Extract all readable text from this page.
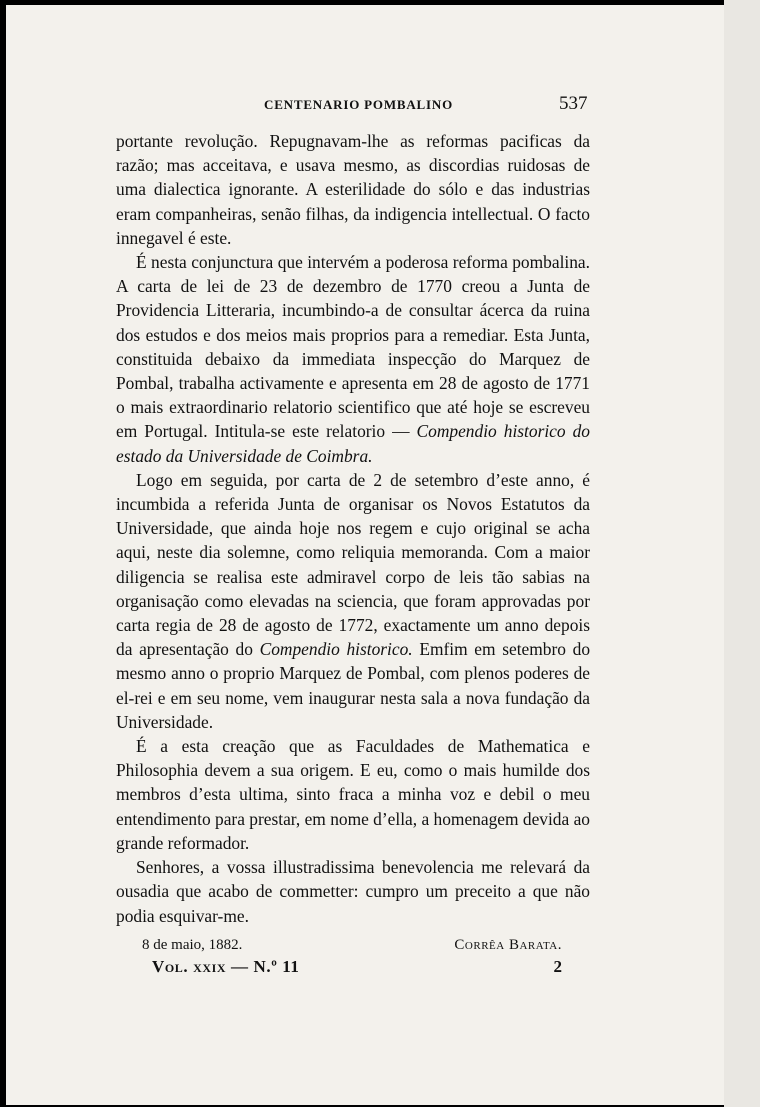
CENTENARIO POMBALINO	537

portante revolução. Repugnavam-lhe as reformas pacificas da razão; mas acceitava, e usava mesmo, as discordias ruidosas de uma dialectica ignorante. A esterilidade do sólo e das industrias eram companheiras, senão filhas, da indigencia intellectual. O facto innegavel é este.

É nesta conjunctura que intervém a poderosa reforma pombalina. A carta de lei de 23 de dezembro de 1770 creou a Junta de Providencia Litteraria, incumbindo-a de consultar ácerca da ruina dos estudos e dos meios mais proprios para a remediar. Esta Junta, constituida debaixo da immediata inspecção do Marquez de Pombal, trabalha activamente e apresenta em 28 de agosto de 1771 o mais extraordinario relatorio scientifico que até hoje se escreveu em Portugal. Intitula-se este relatorio — Compendio historico do estado da Universidade de Coimbra.

Logo em seguida, por carta de 2 de setembro d’este anno, é incumbida a referida Junta de organisar os Novos Estatutos da Universidade, que ainda hoje nos regem e cujo original se acha aqui, neste dia solemne, como reliquia memoranda. Com a maior diligencia se realisa este admiravel corpo de leis tão sabias na organisação como elevadas na sciencia, que foram approvadas por carta regia de 28 de agosto de 1772, exactamente um anno depois da apresentação do Compendio historico. Emfim em setembro do mesmo anno o proprio Marquez de Pombal, com plenos poderes de el-rei e em seu nome, vem inaugurar nesta sala a nova fundação da Universidade.

É a esta creação que as Faculdades de Mathematica e Philosophia devem a sua origem. E eu, como o mais humilde dos membros d’esta ultima, sinto fraca a minha voz e debil o meu entendimento para prestar, em nome d’ella, a homenagem devida ao grande reformador.

Senhores, a vossa illustradissima benevolencia me relevará da ousadia que acabo de commetter: cumpro um preceito a que não podia esquivar-me.

8 de maio, 1882.	Corrêa Barata.
Vol. xxix — N.º 11	2
